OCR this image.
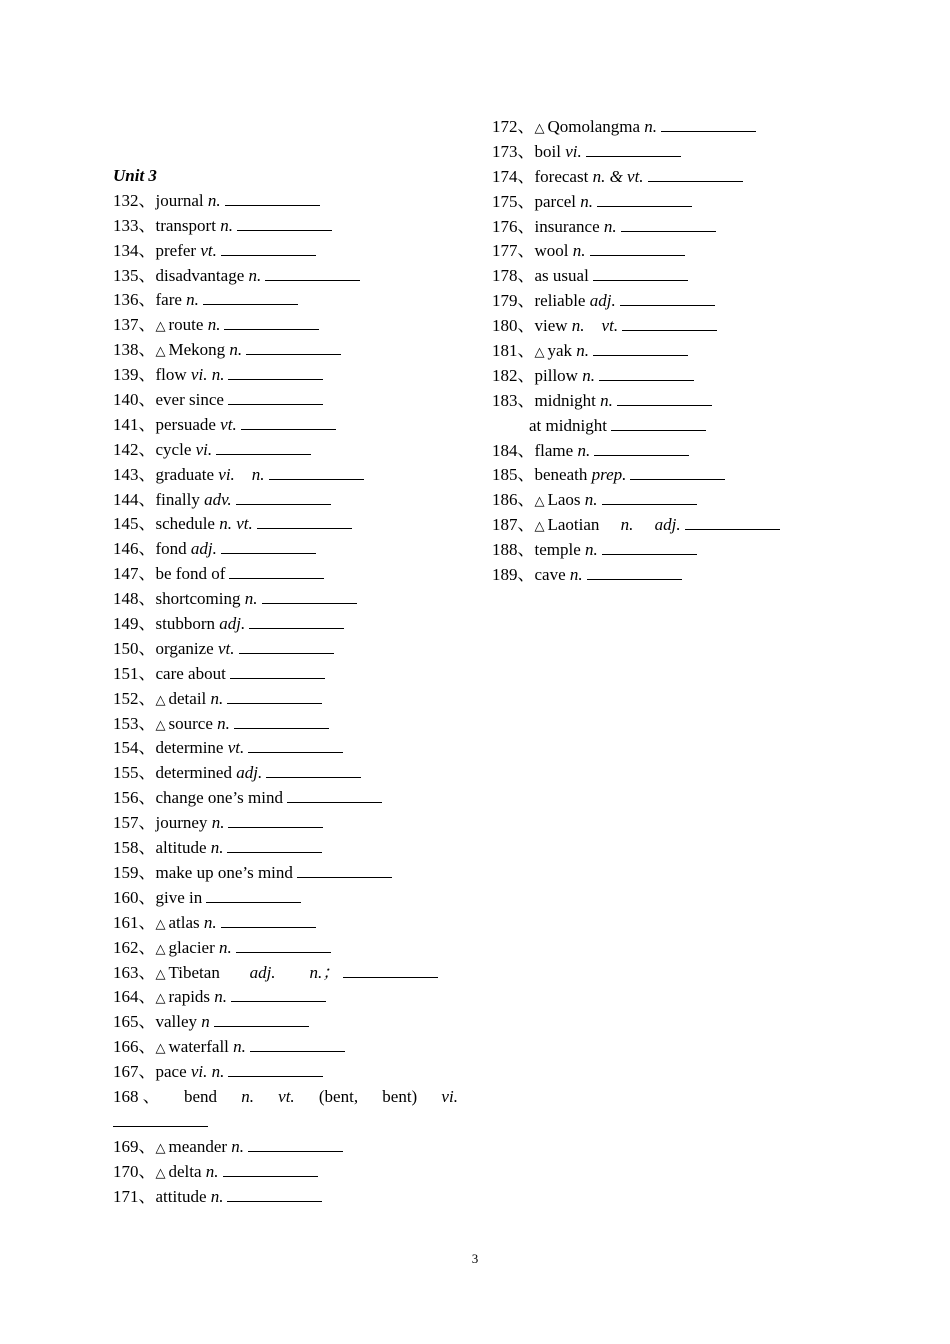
Unit 3
132、journal n.
133、transport n.
134、prefer vt.
135、disadvantage n.
136、fare n.
137、△ route n.
138、△ Mekong n.
139、flow vi. n.
140、ever since
141、persuade vt.
142、cycle vi.
143、graduate vi.    n.
144、finally adv.
145、schedule n. vt.
146、fond adj.
147、be fond of
148、shortcoming n.
149、stubborn adj.
150、organize vt.
151、care about
152、△ detail n.
153、△ source n.
154、determine vt.
155、determined adj.
156、change one’s mind
157、journey n.
158、altitude n.
159、make up one’s mind
160、give in
161、△ atlas n.
162、△ glacier n.
163、△ Tibetan       adj.        n.；
164、△ rapids n.
165、valley n
166、△ waterfall n.
167、pace vi. n.
168 、 bend n. vt. (bent, bent) vi.
169、△ meander n.
170、△ delta n.
171、attitude n.
172、△ Qomolangma n.
173、boil vi.
174、forecast n. & vt.
175、parcel n.
176、insurance n.
177、wool n.
178、as usual
179、reliable adj.
180、view n.    vt.
181、△ yak n.
182、pillow n.
183、midnight n.
at midnight
184、flame n.
185、beneath prep.
186、△ Laos n.
187、△ Laotian     n.     adj.
188、temple n.
189、cave n.
3
